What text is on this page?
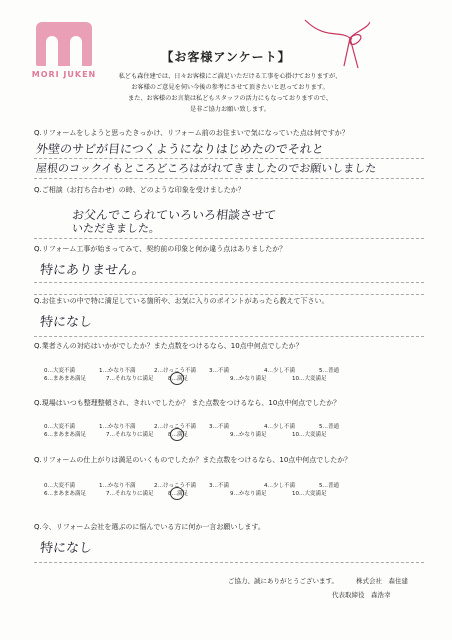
MORI JUKEN
【お客様アンケート】

私ども森住建では、日々お客様にご満足いただける工事を心掛けておりますが、

お客様のご意見を伺い今後の参考にさせて頂きたいと思っております。

また、お客様のお言葉は私どもスタッフの活力にもなっておりますので、

是非ご協力お願い致します。

Q.リフォームをしようと思ったきっかけ、リフォーム前のお住まいで気になっていた点は何ですか？
外壁のサビが目につくようになりはじめたのでそれと
屋根のコックイもところどころはがれてきましたのでお願いしました
Q.ご相談（お打ち合わせ）の時、どのような印象を受けましたか？
お父んでこられていろいろ相談させて
いただきました。
Q.リフォーム工事が始まってみて、契約前の印象と何か違う点はありましたか？
特にありません。
Q.お住まいの中で特に満足している箇所や、お気に入りのポイントがあったら教えて下さい。
特になし
Q.業者さんの対応はいかがでしたか？また点数をつけるなら、10点中何点でしたか？
0…大変不満	1…かなり不満	2…けっこう不満	3…不満	4…少し不満	5…普通
6…まあまあ満足	7…それなりに満足	8…満足	9…かなり満足	10…大変満足
Q.現場はいつも整理整頓され、きれいでしたか？ また点数をつけるなら、10点中何点でしたか？
0…大変不満	1…かなり不満	2…けっこう不満	3…不満	4…少し不満	5…普通
6…まあまあ満足	7…それなりに満足	8…満足	9…かなり満足	10…大変満足
Q.リフォームの仕上がりは満足のいくものでしたか？また点数をつけるなら、10点中何点でしたか？
0…大変不満	1…かなり不満	2…けっこう不満	3…不満	4…少し不満	5…普通
6…まあまあ満足	7…それなりに満足	8…満足	9…かなり満足	10…大変満足
Q.今、リフォーム会社を選ぶのに悩んでいる方に何か一言お願いします。
特になし
ご協力、誠にありがとうございます。	株式会社　森住建
代表取締役　森浩幸
